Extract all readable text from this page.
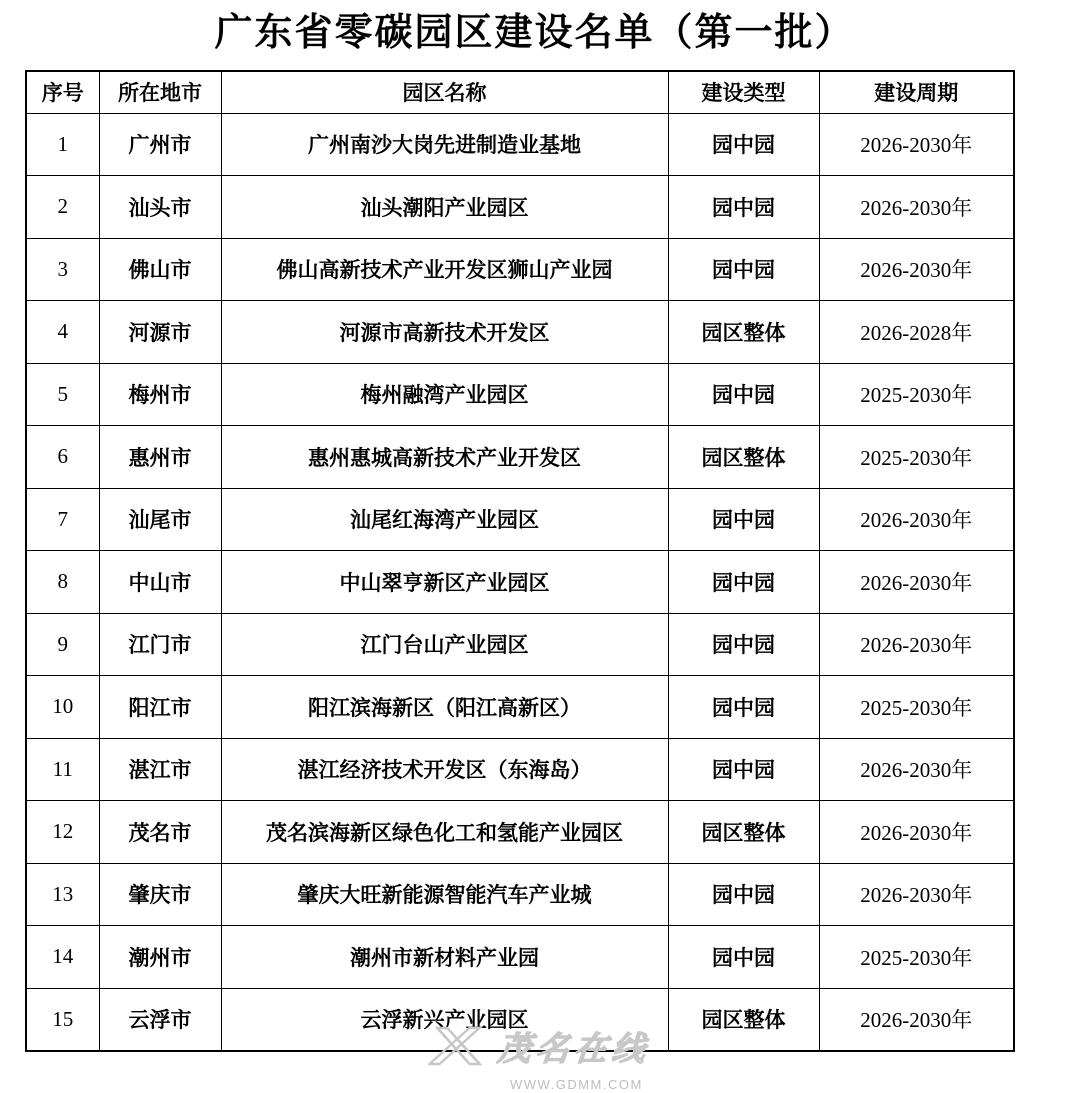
广东省零碳园区建设名单（第一批）
序号	所在地市	园区名称	建设类型	建设周期
1	广州市	广州南沙大岗先进制造业基地	园中园	2026-2030年
2	汕头市	汕头潮阳产业园区	园中园	2026-2030年
3	佛山市	佛山高新技术产业开发区狮山产业园	园中园	2026-2030年
4	河源市	河源市高新技术开发区	园区整体	2026-2028年
5	梅州市	梅州融湾产业园区	园中园	2025-2030年
6	惠州市	惠州惠城高新技术产业开发区	园区整体	2025-2030年
7	汕尾市	汕尾红海湾产业园区	园中园	2026-2030年
8	中山市	中山翠亨新区产业园区	园中园	2026-2030年
9	江门市	江门台山产业园区	园中园	2026-2030年
10	阳江市	阳江滨海新区（阳江高新区）	园中园	2025-2030年
11	湛江市	湛江经济技术开发区（东海岛）	园中园	2026-2030年
12	茂名市	茂名滨海新区绿色化工和氢能产业园区	园区整体	2026-2030年
13	肇庆市	肇庆大旺新能源智能汽车产业城	园中园	2026-2030年
14	潮州市	潮州市新材料产业园	园中园	2025-2030年
15	云浮市	云浮新兴产业园区	园区整体	2026-2030年
茂名在线
WWW.GDMM.COM
